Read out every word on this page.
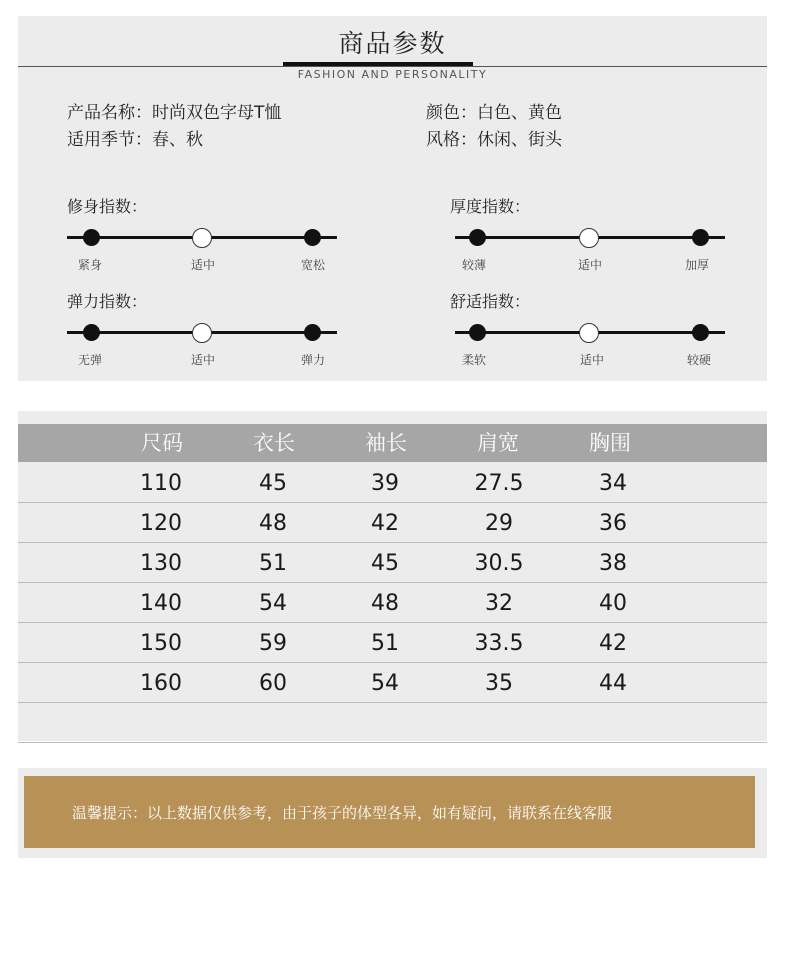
商品参数
FASHION AND PERSONALITY
产品名称：时尚双色字母T恤
适用季节：春、秋
颜色：白色、黄色
风格：休闲、街头
修身指数：
紧身	适中	宽松
厚度指数：
较薄	适中	加厚
弹力指数：
无弹	适中	弹力
舒适指数：
柔软	适中	较硬
尺码	衣长	袖长	肩宽	胸围
110	45	39	27.5	34
120	48	42	29	36
130	51	45	30.5	38
140	54	48	32	40
150	59	51	33.5	42
160	60	54	35	44
温馨提示：以上数据仅供参考，由于孩子的体型各异，如有疑问，请联系在线客服
